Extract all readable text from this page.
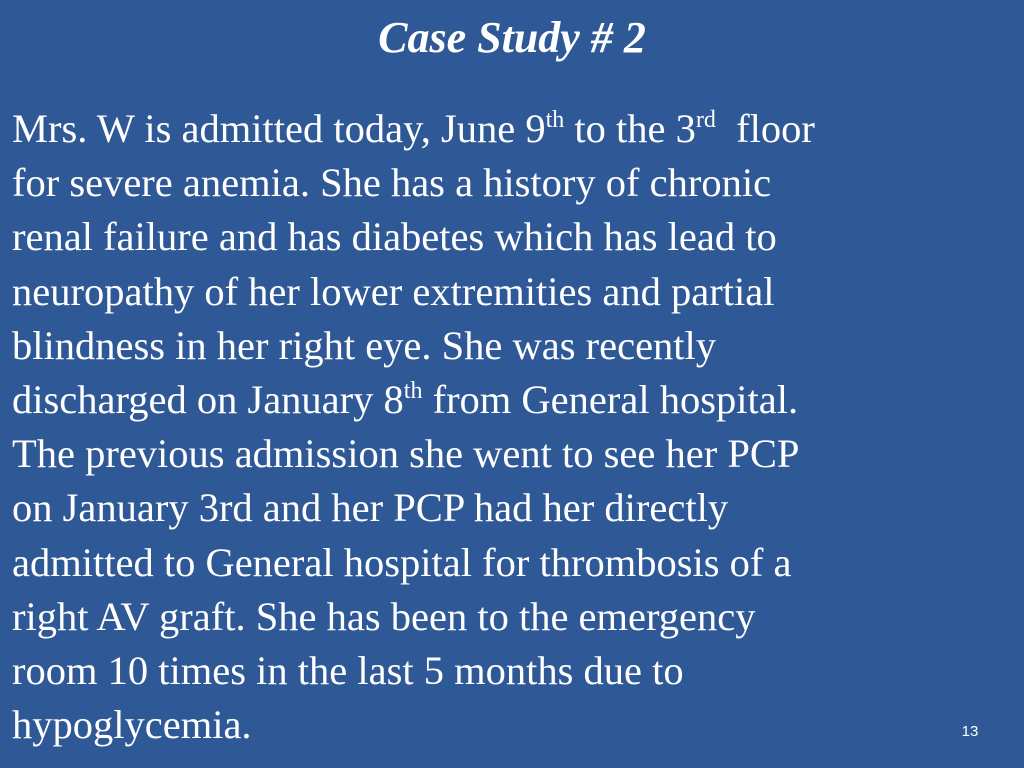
Case Study # 2
Mrs. W is admitted today, June 9th to the 3rd  floor
for severe anemia. She has a history of chronic
renal failure and has diabetes which has lead to
neuropathy of her lower extremities and partial
blindness in her right eye. She was recently
discharged on January 8th from General hospital.
The previous admission she went to see her PCP
on January 3rd and her PCP had her directly
admitted to General hospital for thrombosis of a
right AV graft. She has been to the emergency
room 10 times in the last 5 months due to
hypoglycemia.	13
